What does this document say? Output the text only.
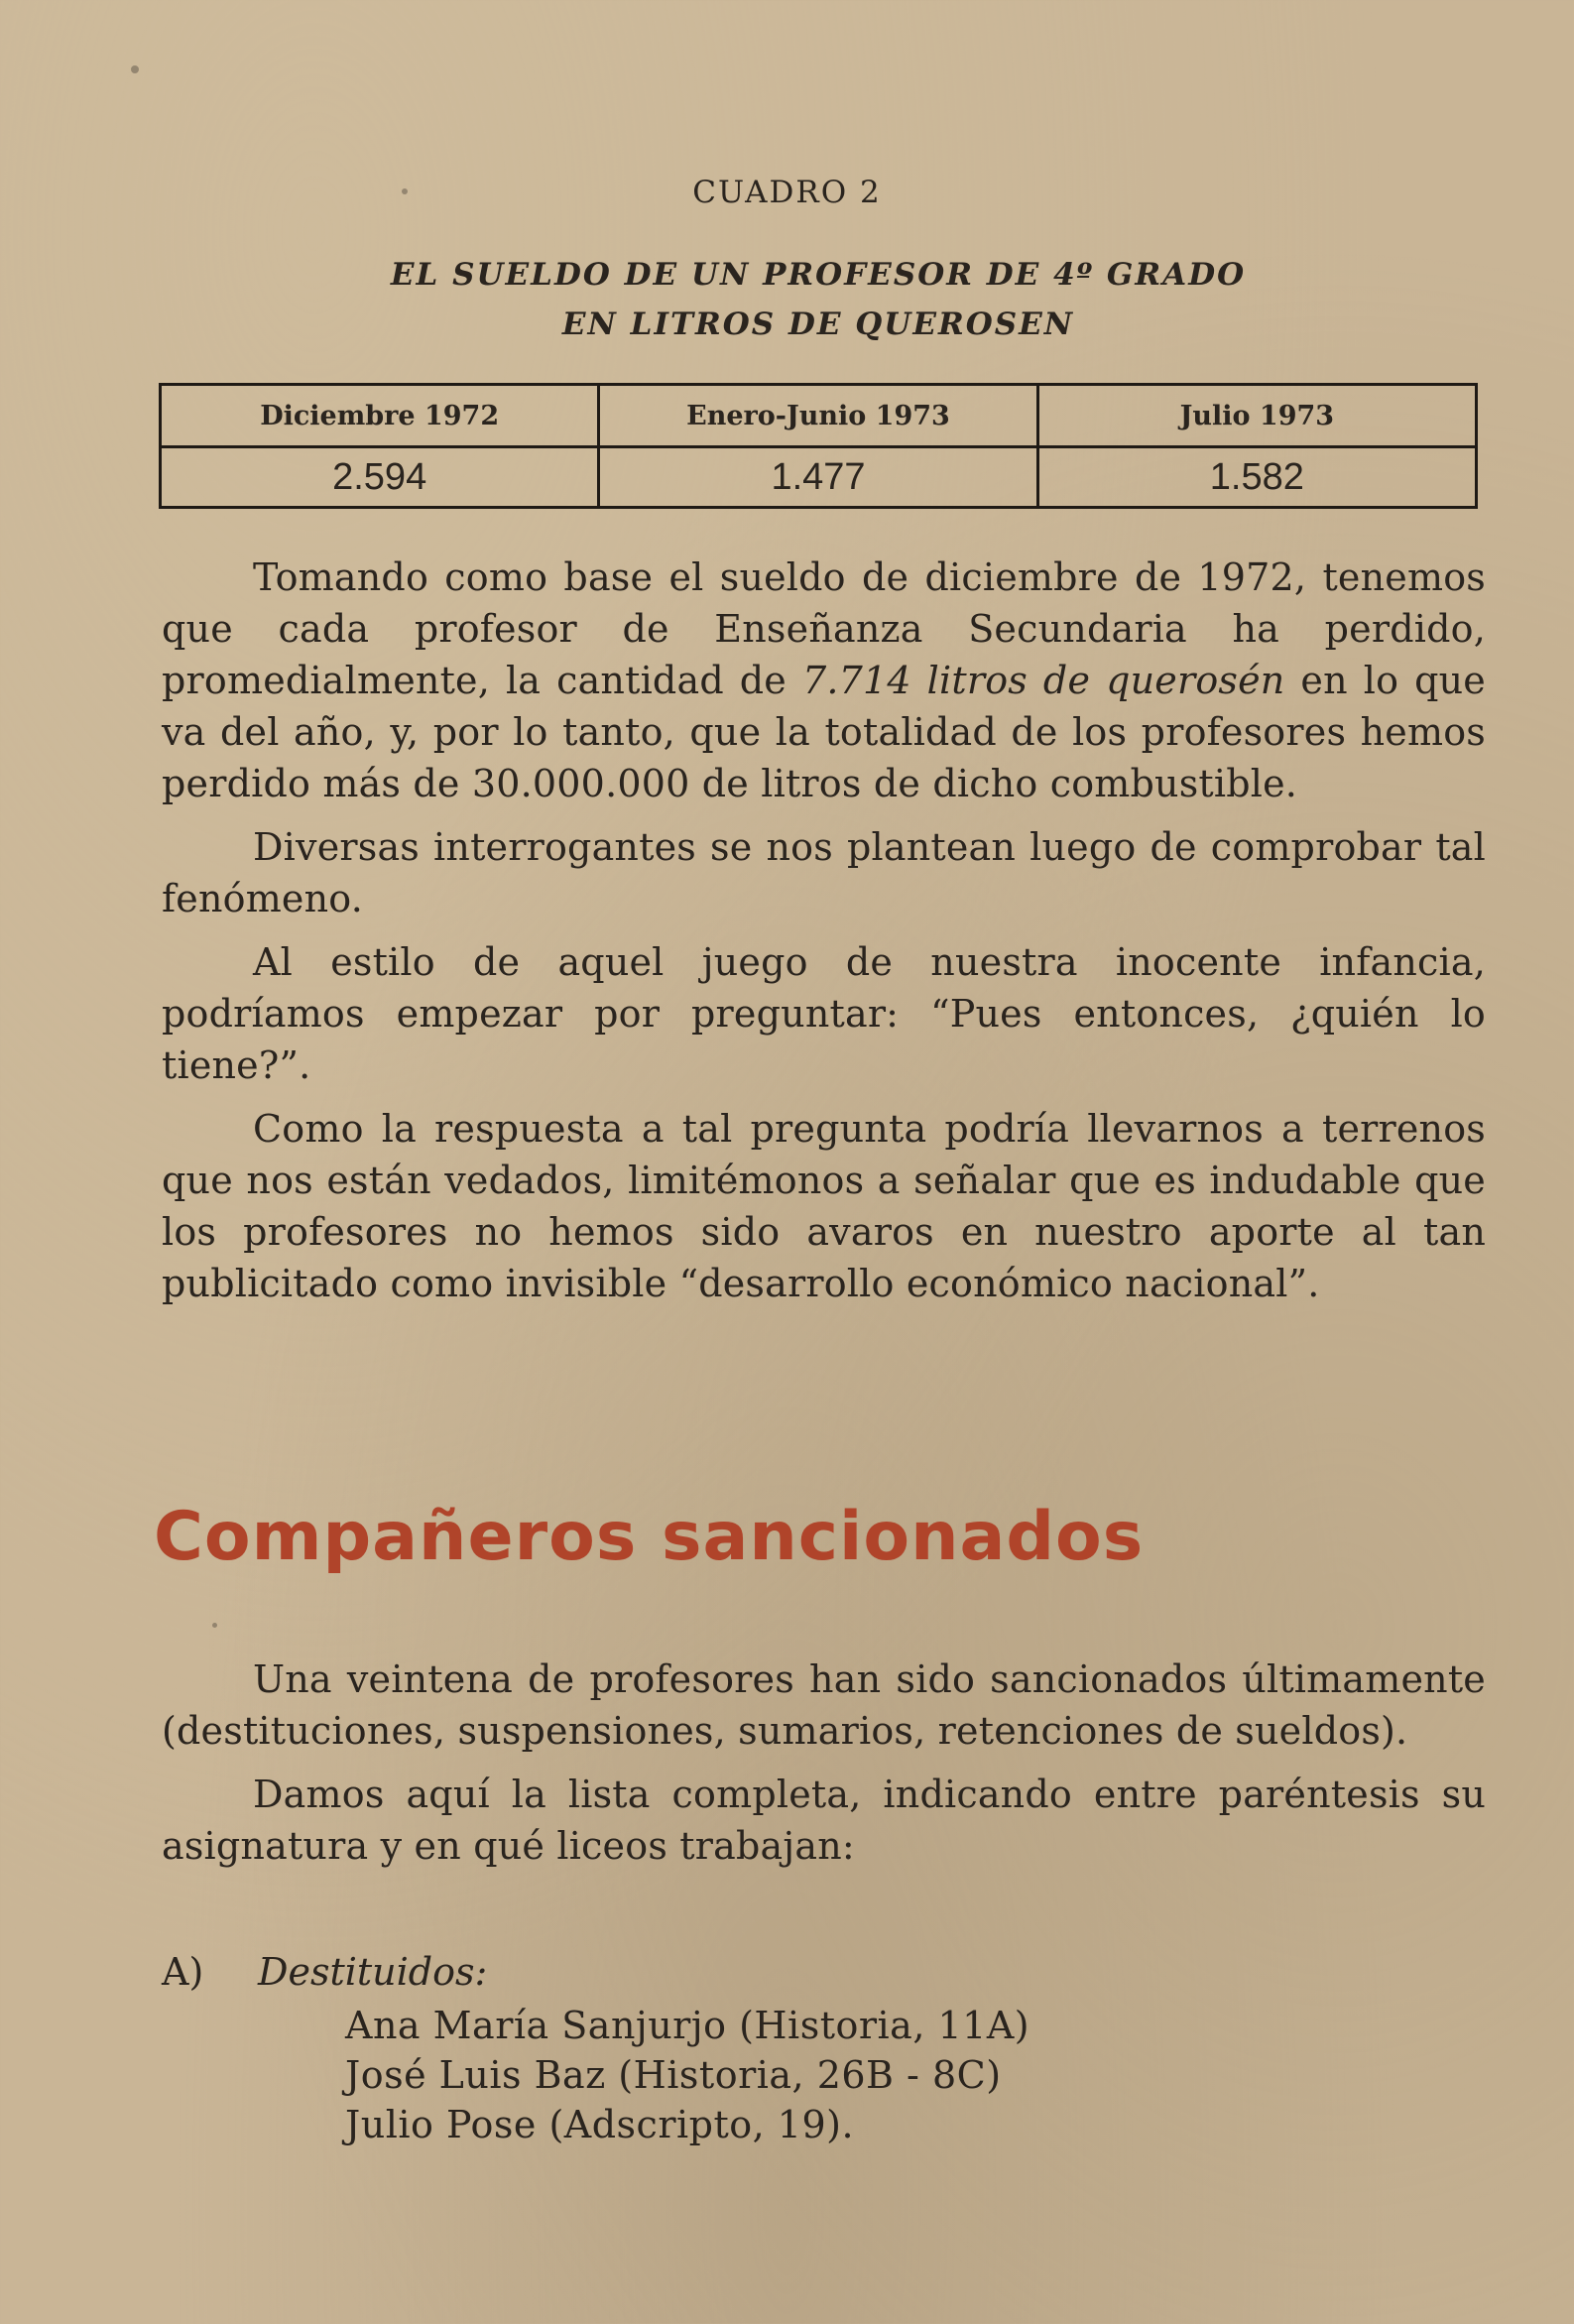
CUADRO 2
EL SUELDO DE UN PROFESOR DE 4º GRADO
EN LITROS DE QUEROSEN
Diciembre 1972	Enero-Junio 1973	Julio 1973
2.594	1.477	1.582

Tomando como base el sueldo de diciembre de 1972, tenemos que cada profesor de Enseñanza Secundaria ha perdido, promedialmente, la cantidad de 7.714 litros de querosén en lo que va del año, y, por lo tanto, que la totalidad de los profesores hemos perdido más de 30.000.000 de litros de dicho combustible.

Diversas interrogantes se nos plantean luego de comprobar tal fenómeno.

Al estilo de aquel juego de nuestra inocente infancia, podríamos empezar por preguntar: “Pues entonces, ¿quién lo tiene?”.

Como la respuesta a tal pregunta podría llevarnos a terrenos que nos están vedados, limitémonos a señalar que es indudable que los profesores no hemos sido avaros en nuestro aporte al tan publicitado como invisible “desarrollo económico nacional”.

Compañeros sancionados

Una veintena de profesores han sido sancionados últimamente (destituciones, suspensiones, sumarios, retenciones de sueldos).

Damos aquí la lista completa, indicando entre paréntesis su asignatura y en qué liceos trabajan:

A) Destituidos:
Ana María Sanjurjo (Historia, 11A)
José Luis Baz (Historia, 26B - 8C)
Julio Pose (Adscripto, 19).
